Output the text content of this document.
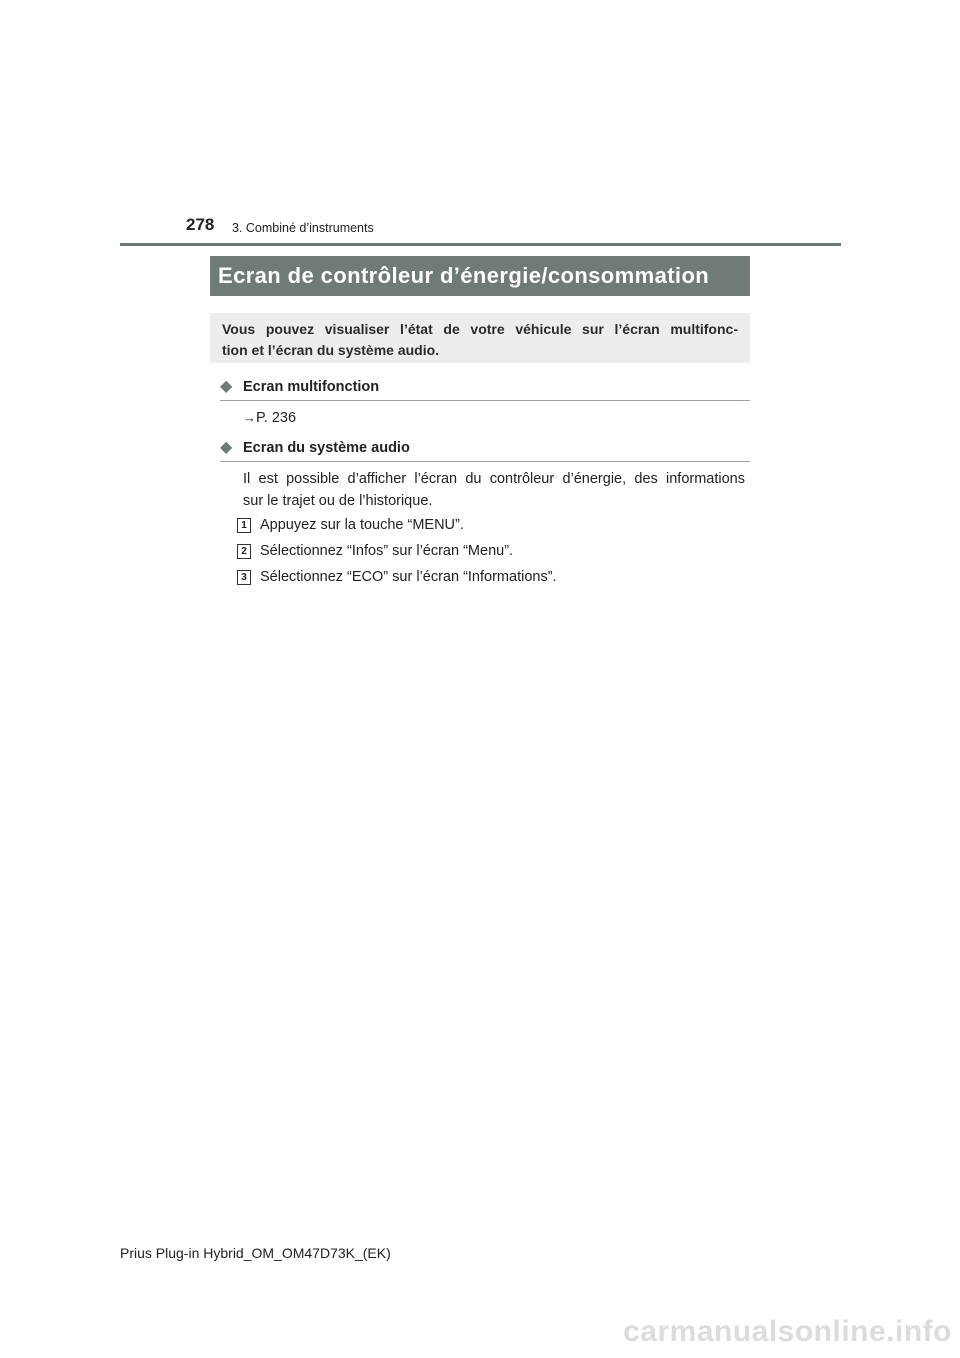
278 3. Combiné d’instruments
Ecran de contrôleur d’énergie/consommation
Vous pouvez visualiser l’état de votre véhicule sur l’écran multifonc-
tion et l’écran du système audio.
◆ Ecran multifonction
→P. 236
◆ Ecran du système audio
Il est possible d’afficher l’écran du contrôleur d’énergie, des informations
sur le trajet ou de l’historique.
1 Appuyez sur la touche “MENU”.
2 Sélectionnez “Infos” sur l’écran “Menu”.
3 Sélectionnez “ECO” sur l’écran “Informations”.
Prius Plug-in Hybrid_OM_OM47D73K_(EK)
carmanualsonline.info
